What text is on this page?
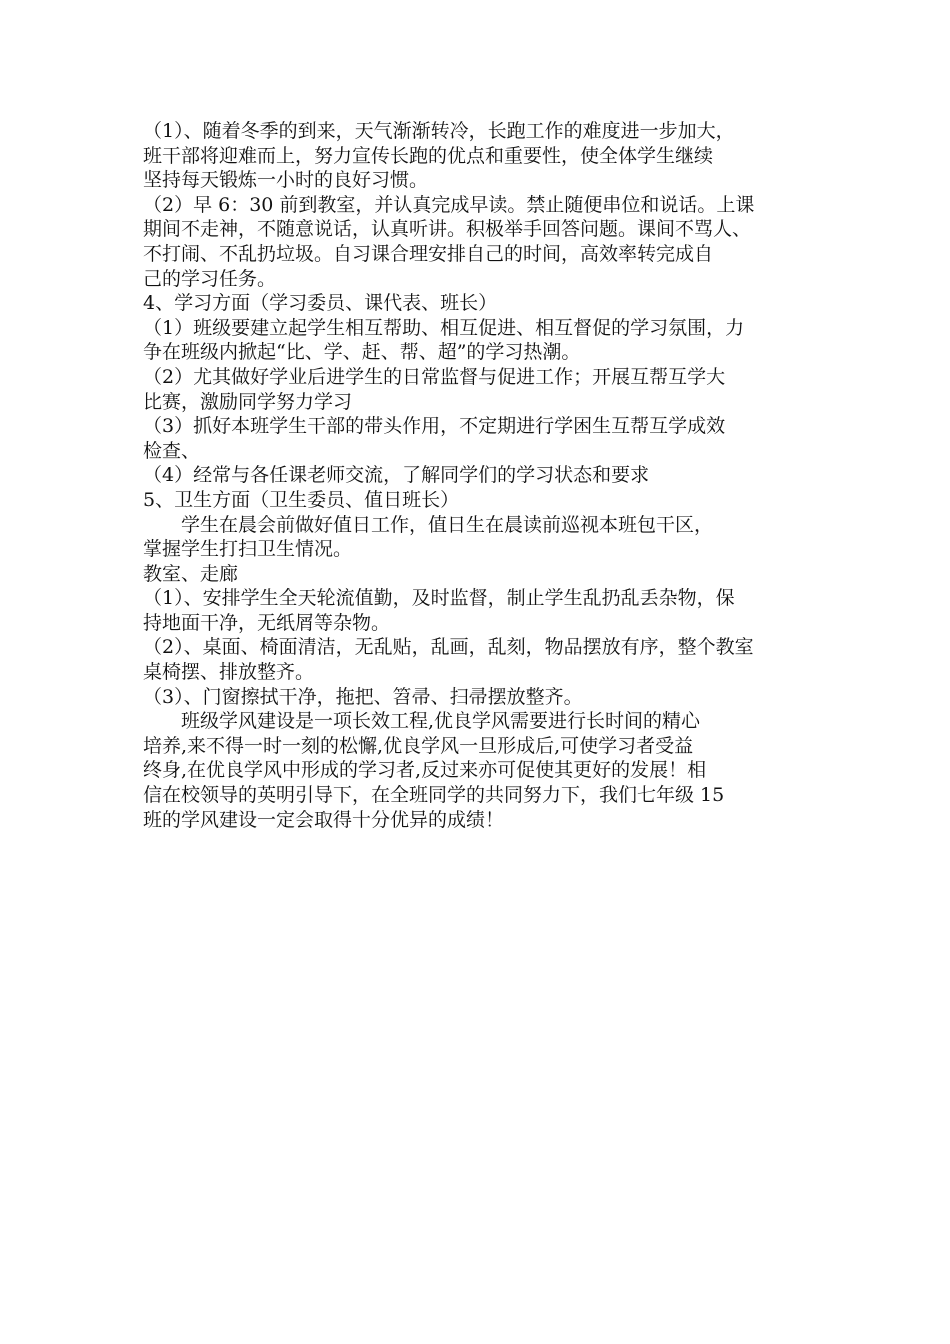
（1）、随着冬季的到来，天气渐渐转冷，长跑工作的难度进一步加大，
班干部将迎难而上，努力宣传长跑的优点和重要性，使全体学生继续
坚持每天锻炼一小时的良好习惯。
（2）早 6：30 前到教室，并认真完成早读。禁止随便串位和说话。上课
期间不走神，不随意说话，认真听讲。积极举手回答问题。课间不骂人、
不打闹、不乱扔垃圾。自习课合理安排自己的时间，高效率转完成自
己的学习任务。
4、学习方面（学习委员、课代表、班长）
（1）班级要建立起学生相互帮助、相互促进、相互督促的学习氛围，力
争在班级内掀起“比、学、赶、帮、超”的学习热潮。
（2）尤其做好学业后进学生的日常监督与促进工作；开展互帮互学大
比赛，激励同学努力学习
（3）抓好本班学生干部的带头作用，不定期进行学困生互帮互学成效
检查、
（4）经常与各任课老师交流，了解同学们的学习状态和要求
5、卫生方面（卫生委员、值日班长）
学生在晨会前做好值日工作，值日生在晨读前巡视本班包干区，
掌握学生打扫卫生情况。
教室、走廊
（1）、安排学生全天轮流值勤，及时监督，制止学生乱扔乱丢杂物，保
持地面干净，无纸屑等杂物。
（2）、桌面、椅面清洁，无乱贴，乱画，乱刻，物品摆放有序，整个教室
桌椅摆、排放整齐。
（3）、门窗擦拭干净，拖把、笤帚、扫帚摆放整齐。
班级学风建设是一项长效工程,优良学风需要进行长时间的精心
培养,来不得一时一刻的松懈,优良学风一旦形成后,可使学习者受益
终身,在优良学风中形成的学习者,反过来亦可促使其更好的发展！相
信在校领导的英明引导下，在全班同学的共同努力下，我们七年级 15
班的学风建设一定会取得十分优异的成绩！
